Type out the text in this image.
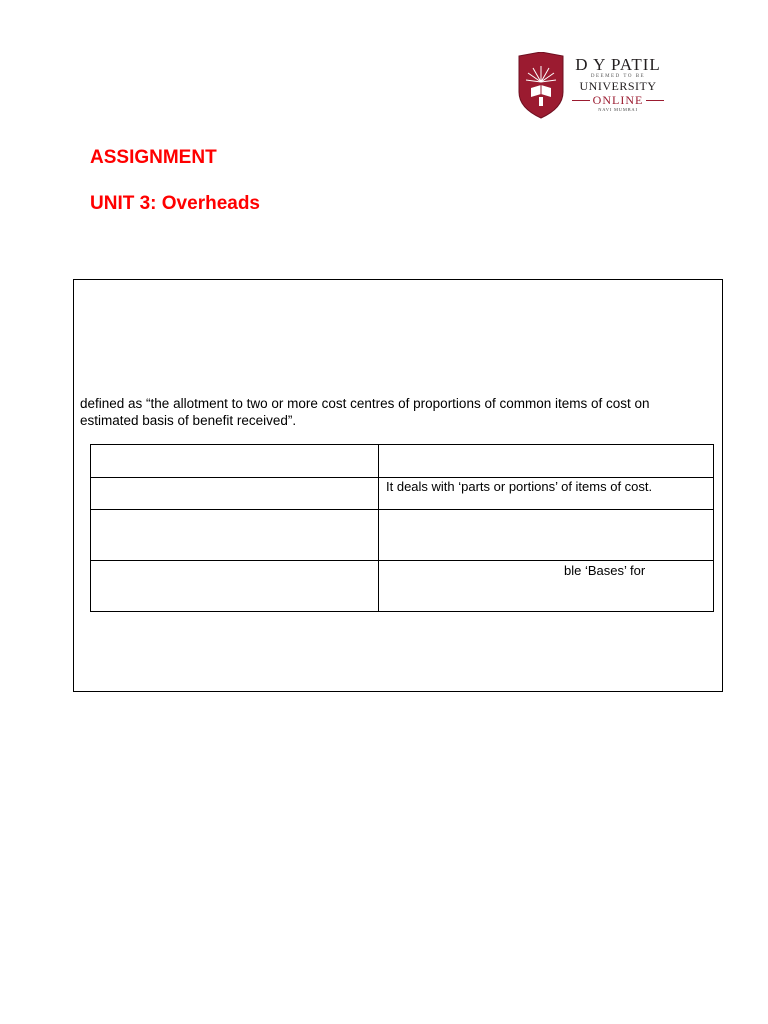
D Y PATIL
DEEMED TO BE
UNIVERSITY
ONLINE
NAVI MUMBAI
ASSIGNMENT
UNIT 3: Overheads

defined as “the allotment to two or more cost centres of proportions of common items of cost on
estimated basis of benefit received”.

	It deals with ‘parts or portions’ of items of cost.

	ble ‘Bases’ for
